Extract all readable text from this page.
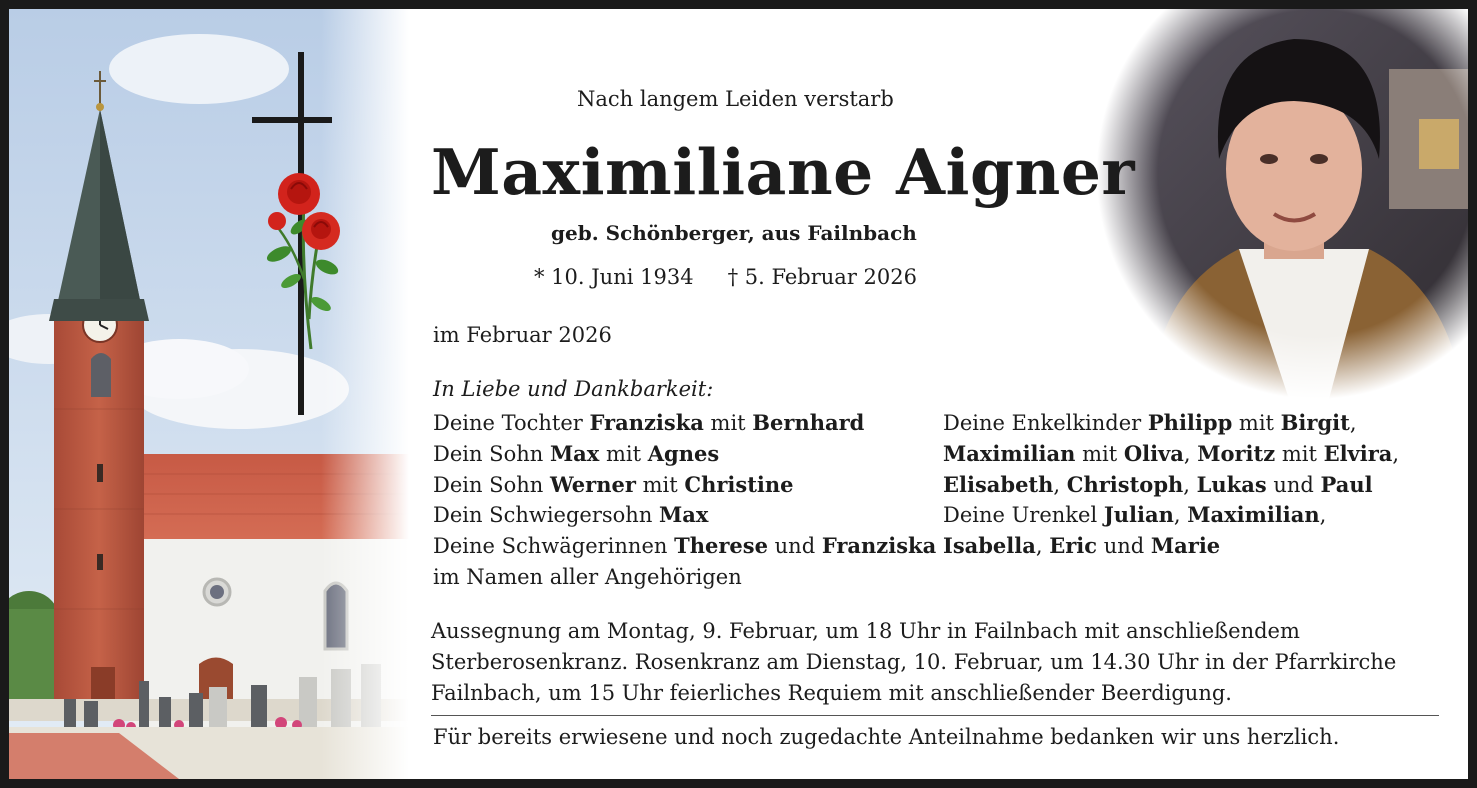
Nach langem Leiden verstarb
Maximiliane Aigner
geb. Schönberger, aus Failnbach
* 10. Juni 1934 † 5. Februar 2026
im Februar 2026
In Liebe und Dankbarkeit:
Deine Tochter Franziska mit Bernhard
Dein Sohn Max mit Agnes
Dein Sohn Werner mit Christine
Dein Schwiegersohn Max
Deine Schwägerinnen Therese und Franziska
im Namen aller Angehörigen
Deine Enkelkinder Philipp mit Birgit,
Maximilian mit Oliva, Moritz mit Elvira,
Elisabeth, Christoph, Lukas und Paul
Deine Urenkel Julian, Maximilian,
Isabella, Eric und Marie
Aussegnung am Montag, 9. Februar, um 18 Uhr in Failnbach mit anschließendem Sterberosenkranz. Rosenkranz am Dienstag, 10. Februar, um 14.30 Uhr in der Pfarrkirche Failnbach, um 15 Uhr feierliches Requiem mit anschließender Beerdigung.
Für bereits erwiesene und noch zugedachte Anteilnahme bedanken wir uns herzlich.
